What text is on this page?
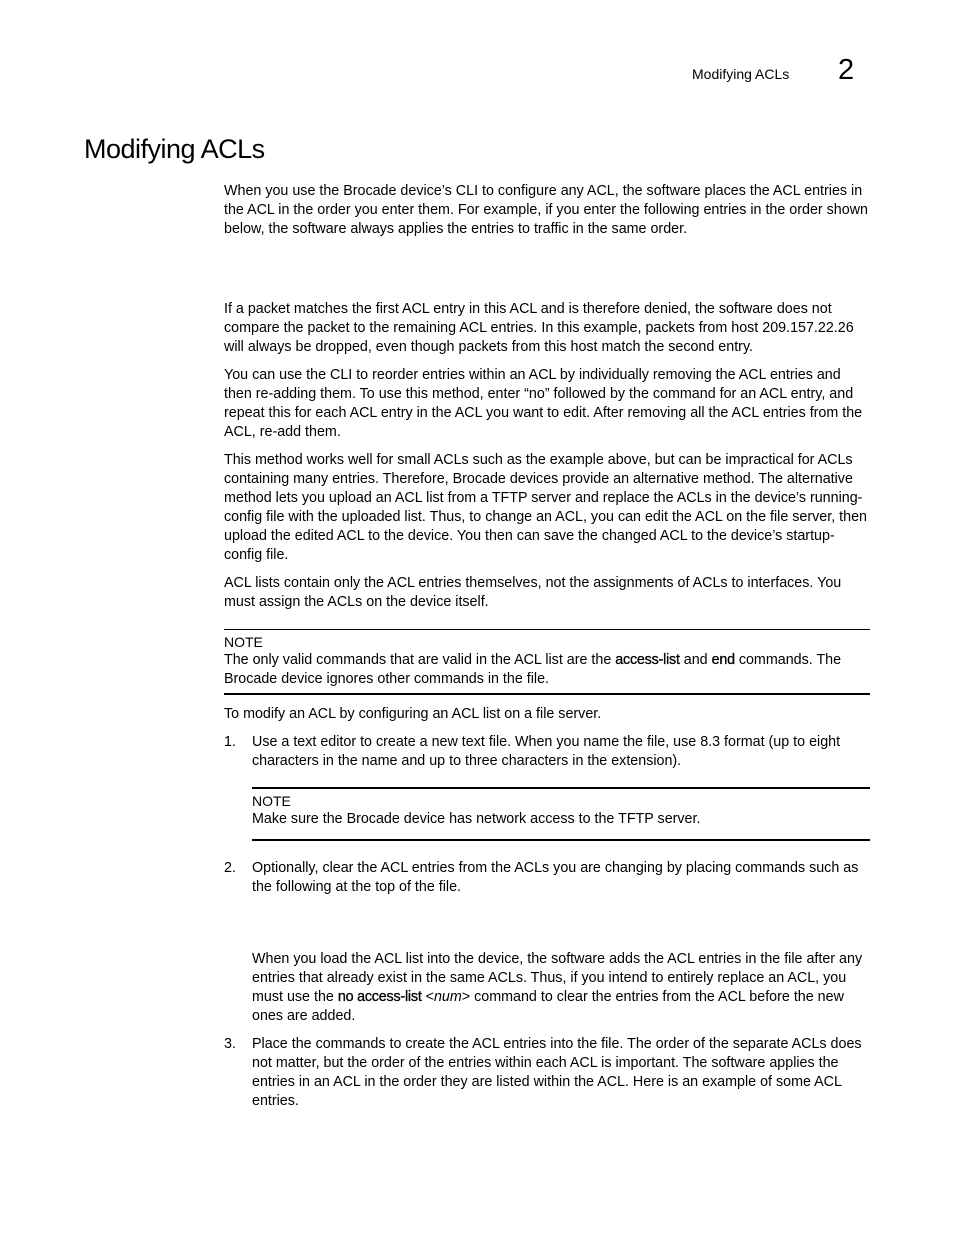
Modifying ACLs 2
Modifying ACLs

When you use the Brocade device’s CLI to configure any ACL, the software places the ACL entries in the ACL in the order you enter them. For example, if you enter the following entries in the order shown below, the software always applies the entries to traffic in the same order.

If a packet matches the first ACL entry in this ACL and is therefore denied, the software does not compare the packet to the remaining ACL entries. In this example, packets from host 209.157.22.26 will always be dropped, even though packets from this host match the second entry.

You can use the CLI to reorder entries within an ACL by individually removing the ACL entries and then re-adding them. To use this method, enter “no” followed by the command for an ACL entry, and repeat this for each ACL entry in the ACL you want to edit. After removing all the ACL entries from the ACL, re-add them.

This method works well for small ACLs such as the example above, but can be impractical for ACLs containing many entries. Therefore, Brocade devices provide an alternative method. The alternative method lets you upload an ACL list from a TFTP server and replace the ACLs in the device’s running-config file with the uploaded list. Thus, to change an ACL, you can edit the ACL on the file server, then upload the edited ACL to the device. You then can save the changed ACL to the device’s startup-config file.

ACL lists contain only the ACL entries themselves, not the assignments of ACLs to interfaces. You must assign the ACLs on the device itself.

NOTE

The only valid commands that are valid in the ACL list are the access-list and end commands. The Brocade device ignores other commands in the file.

To modify an ACL by configuring an ACL list on a file server.

1. Use a text editor to create a new text file. When you name the file, use 8.3 format (up to eight characters in the name and up to three characters in the extension).

NOTE

Make sure the Brocade device has network access to the TFTP server.

2. Optionally, clear the ACL entries from the ACLs you are changing by placing commands such as the following at the top of the file.

When you load the ACL list into the device, the software adds the ACL entries in the file after any entries that already exist in the same ACLs. Thus, if you intend to entirely replace an ACL, you must use the no access-list <num> command to clear the entries from the ACL before the new ones are added.

3. Place the commands to create the ACL entries into the file. The order of the separate ACLs does not matter, but the order of the entries within each ACL is important. The software applies the entries in an ACL in the order they are listed within the ACL. Here is an example of some ACL entries.
